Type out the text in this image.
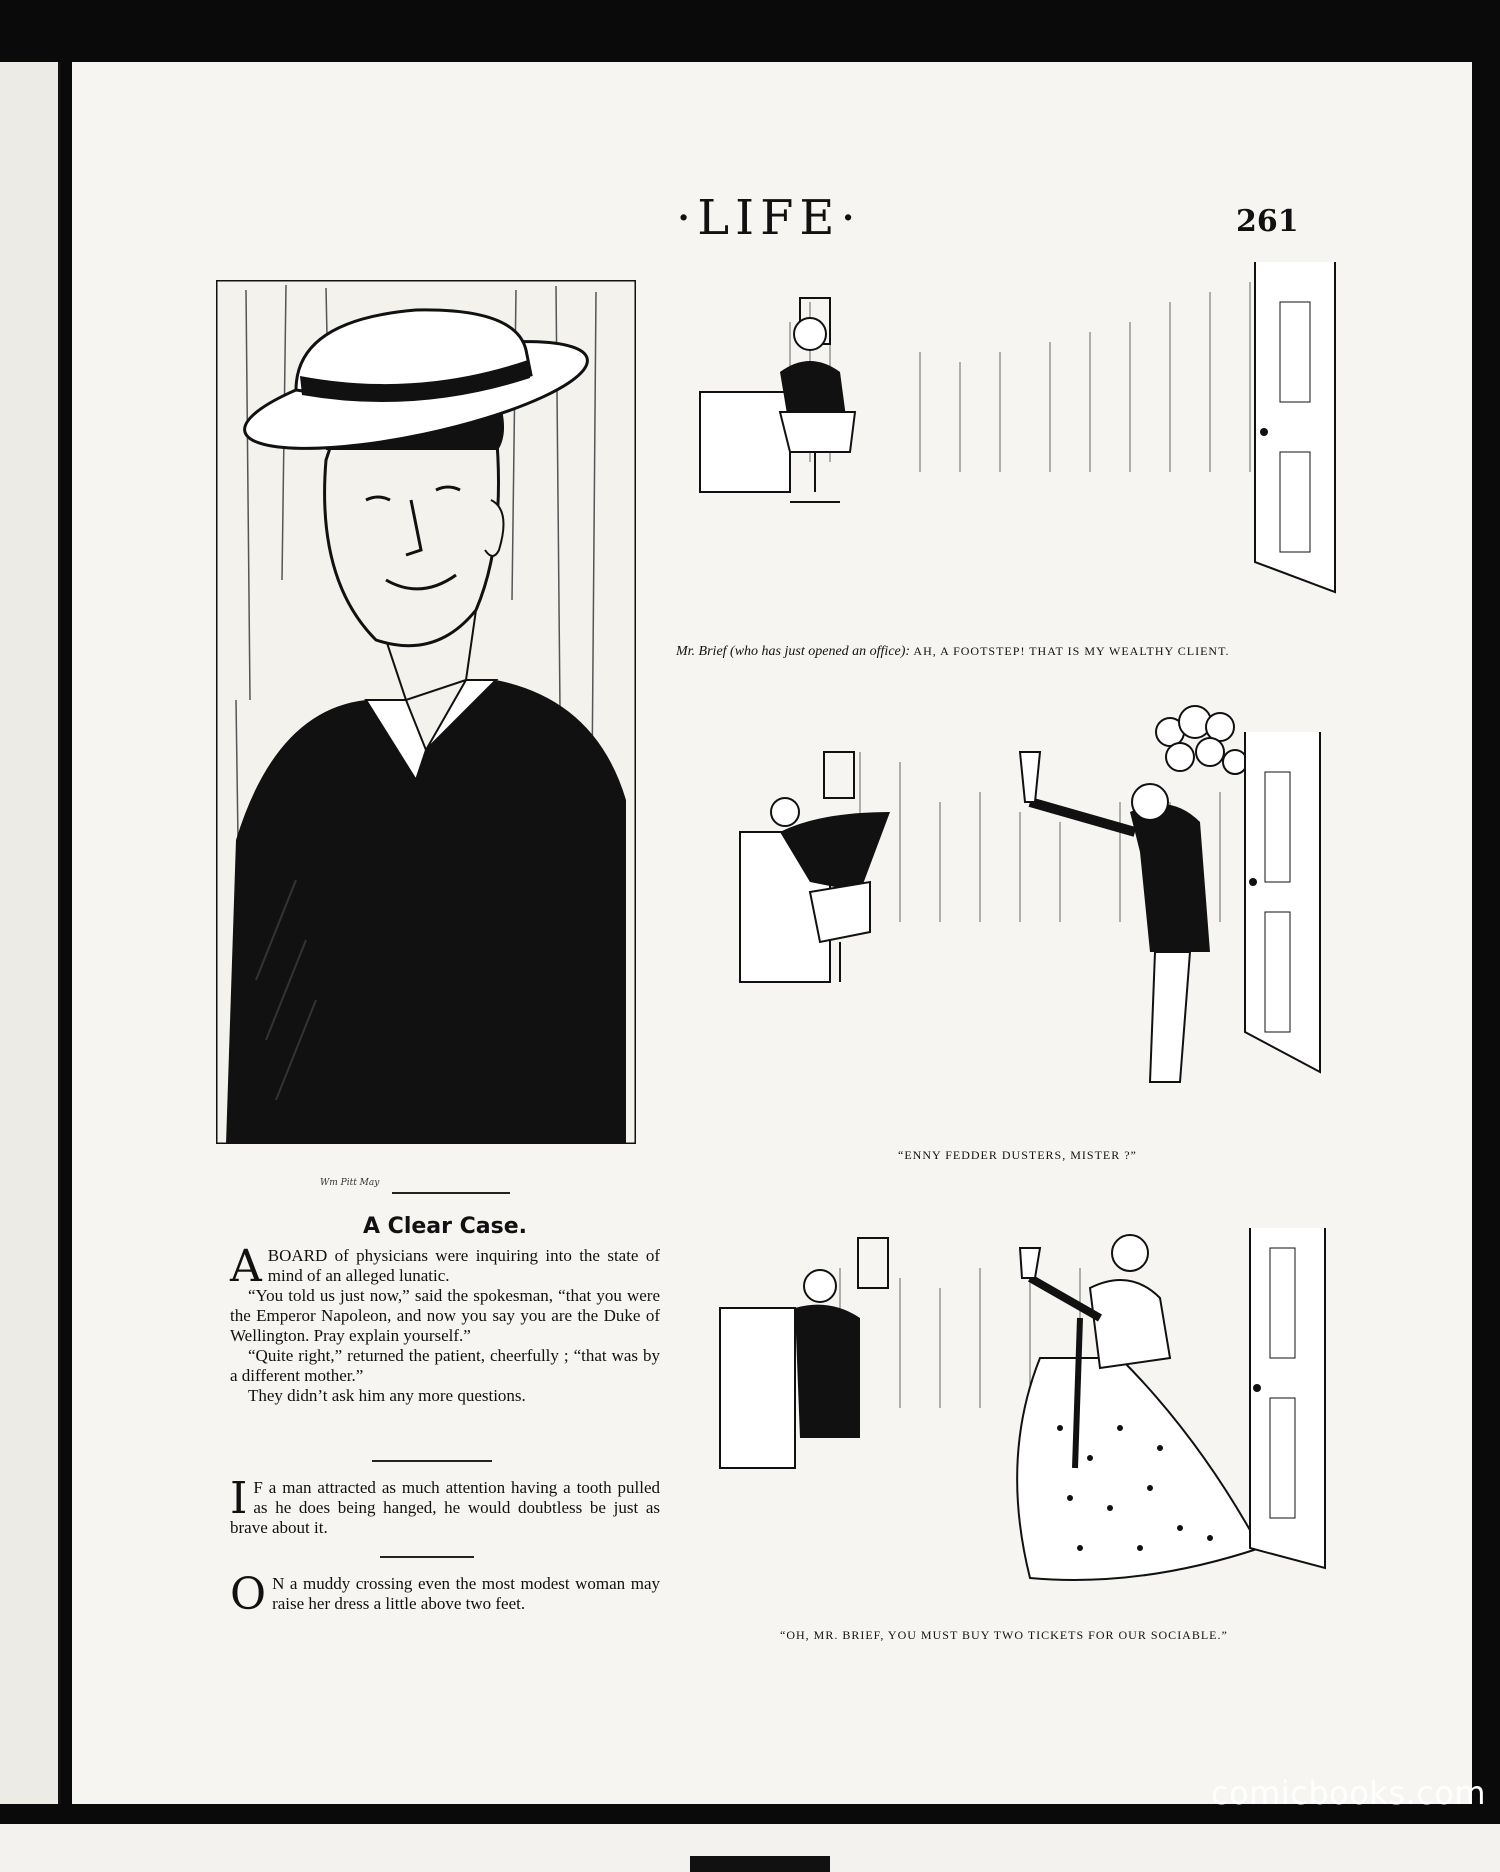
·LIFE·	261
Wm Pitt May
A Clear Case.

A BOARD of physicians were inquiring into the state of mind of an alleged lunatic.

“You told us just now,” said the spokesman, “that you were the Emperor Napoleon, and now you say you are the Duke of Wellington. Pray explain yourself.”

“Quite right,” returned the patient, cheerfully ; “that was by a different mother.”

They didn’t ask him any more questions.

I F a man attracted as much attention having a tooth pulled as he does being hanged, he would doubtless be just as brave about it.

O N a muddy crossing even the most modest woman may raise her dress a little above two feet.

Mr. Brief (who has just opened an office): AH, A FOOTSTEP! THAT IS MY WEALTHY CLIENT.
“ENNY FEDDER DUSTERS, MISTER ?”
“OH, MR. BRIEF, YOU MUST BUY TWO TICKETS FOR OUR SOCIABLE.”
comicbooks.com
